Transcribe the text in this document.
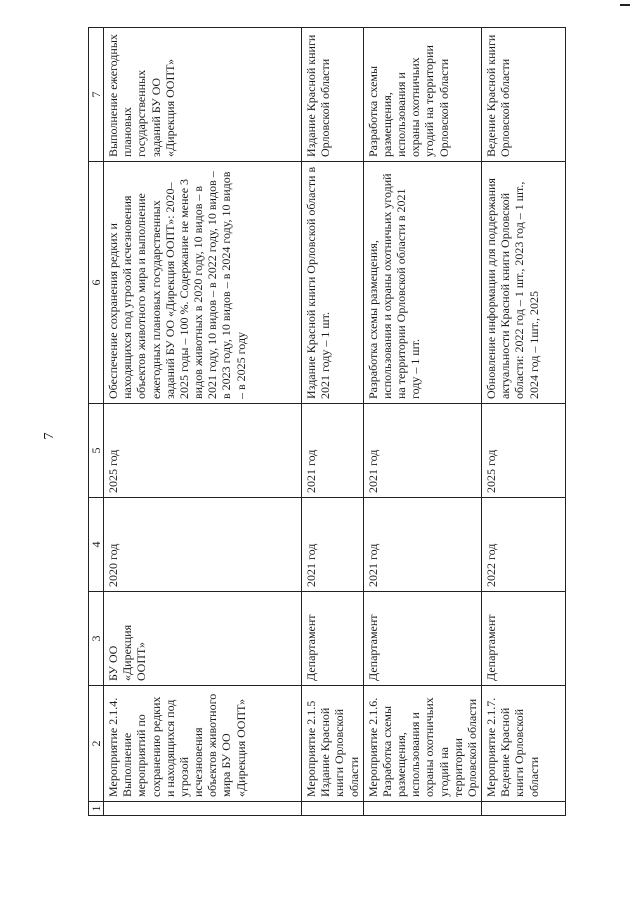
7
1	2	3	4	5	6	7
	Мероприятие 2.1.4. Выполнение мероприятий по сохранению редких и находящихся под угрозой исчезновения объектов животного мира БУ ОО «Дирекция ООПТ»	БУ ОО «Дирекция ООПТ»	2020 год	2025 год	Обеспечение сохранения редких и находящихся под угрозой исчезновения объектов животного мира и выполнение ежегодных плановых государственных заданий БУ ОО «Дирекция ООПТ»: 2020–2025 годы – 100 %. Содержание не менее 3 видов животных в 2020 году, 10 видов – в 2021 году, 10 видов – в 2022 году, 10 видов – в 2023 году, 10 видов – в 2024 году, 10 видов – в 2025 году	Выполнение ежегодных плановых государственных заданий БУ ОО «Дирекция ООПТ»
	Мероприятие 2.1.5 Издание Красной книги Орловской области	Департамент	2021 год	2021 год	Издание Красной книги Орловской области в 2021 году – 1 шт.	Издание Красной книги Орловской области
	Мероприятие 2.1.6. Разработка схемы размещения, использования и охраны охотничьих угодий на территории Орловской области	Департамент	2021 год	2021 год	Разработка схемы размещения, использования и охраны охотничьих угодий на территории Орловской области в 2021 году – 1 шт.	Разработка схемы размещения, использования и охраны охотничьих угодий на территории Орловской области
	Мероприятие 2.1.7. Ведение Красной книги Орловской области	Департамент	2022 год	2025 год	Обновление информации для поддержания актуальности Красной книги Орловской области: 2022 год – 1 шт., 2023 год – 1 шт., 2024 год – 1шт., 2025	Ведение Красной книги Орловской области
